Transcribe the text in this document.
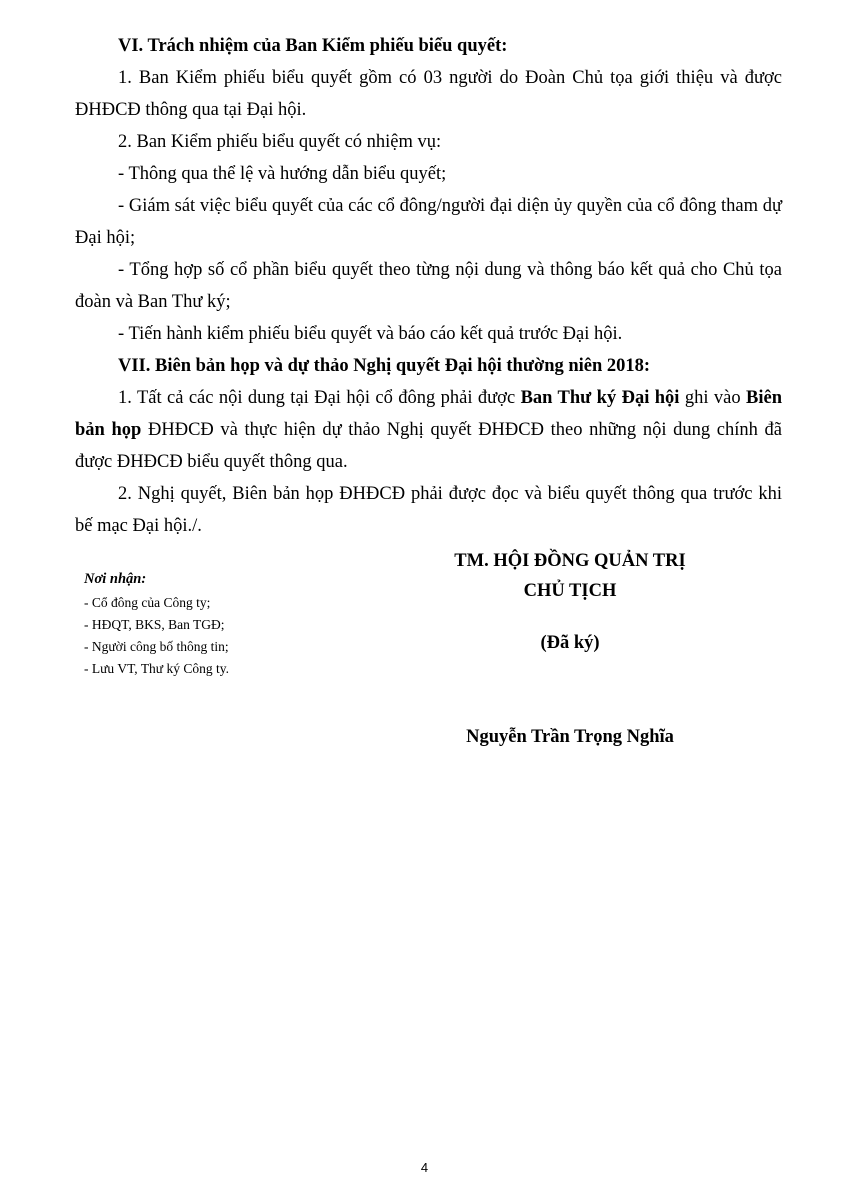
VI. Trách nhiệm của Ban Kiểm phiếu biểu quyết:

1. Ban Kiểm phiếu biểu quyết gồm có 03 người do Đoàn Chủ tọa giới thiệu và được ĐHĐCĐ thông qua tại Đại hội.

2. Ban Kiểm phiếu biểu quyết có nhiệm vụ:

- Thông qua thể lệ và hướng dẫn biểu quyết;

- Giám sát việc biểu quyết của các cổ đông/người đại diện ủy quyền của cổ đông tham dự Đại hội;

- Tổng hợp số cổ phần biểu quyết theo từng nội dung và thông báo kết quả cho Chủ tọa đoàn và Ban Thư ký;

- Tiến hành kiểm phiếu biểu quyết và báo cáo kết quả trước Đại hội.

VII. Biên bản họp và dự thảo Nghị quyết Đại hội thường niên 2018:

1. Tất cả các nội dung tại Đại hội cổ đông phải được Ban Thư ký Đại hội ghi vào Biên bản họp ĐHĐCĐ và thực hiện dự thảo Nghị quyết ĐHĐCĐ theo những nội dung chính đã được ĐHĐCĐ biểu quyết thông qua.

2. Nghị quyết, Biên bản họp ĐHĐCĐ phải được đọc và biểu quyết thông qua trước khi bế mạc Đại hội./.

Nơi nhận:
- Cổ đông của Công ty;
- HĐQT, BKS, Ban TGĐ;
- Người công bố thông tin;
- Lưu VT, Thư ký Công ty.
TM. HỘI ĐỒNG QUẢN TRỊ
CHỦ TỊCH
(Đã ký)
Nguyễn Trần Trọng Nghĩa
4
